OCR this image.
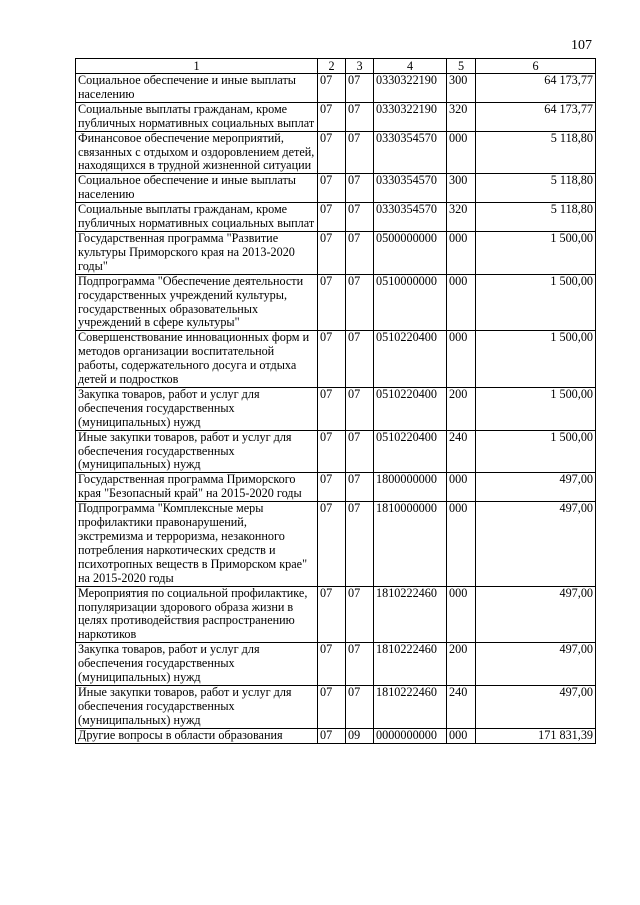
107
1	2	3	4	5	6
Социальное обеспечение и иные выплаты населению	07	07	0330322190	300	64 173,77
Социальные выплаты гражданам, кроме публичных нормативных социальных выплат	07	07	0330322190	320	64 173,77
Финансовое обеспечение мероприятий, связанных с отдыхом и оздоровлением детей, находящихся в трудной жизненной ситуации	07	07	0330354570	000	5 118,80
Социальное обеспечение и иные выплаты населению	07	07	0330354570	300	5 118,80
Социальные выплаты гражданам, кроме публичных нормативных социальных выплат	07	07	0330354570	320	5 118,80
Государственная программа "Развитие культуры Приморского края на 2013-2020 годы"	07	07	0500000000	000	1 500,00
Подпрограмма "Обеспечение деятельности государственных учреждений культуры, государственных образовательных учреждений в сфере культуры"	07	07	0510000000	000	1 500,00
Совершенствование инновационных форм и методов организации воспитательной работы, содержательного досуга и отдыха детей и подростков	07	07	0510220400	000	1 500,00
Закупка товаров, работ и услуг для обеспечения государственных (муниципальных) нужд	07	07	0510220400	200	1 500,00
Иные закупки товаров, работ и услуг для обеспечения государственных (муниципальных) нужд	07	07	0510220400	240	1 500,00
Государственная программа Приморского края "Безопасный край" на 2015-2020 годы	07	07	1800000000	000	497,00
Подпрограмма "Комплексные меры профилактики правонарушений, экстремизма и терроризма, незаконного потребления наркотических средств и психотропных веществ в Приморском крае" на 2015-2020 годы	07	07	1810000000	000	497,00
Мероприятия по социальной профилактике, популяризации здорового образа жизни в целях противодействия распространению наркотиков	07	07	1810222460	000	497,00
Закупка товаров, работ и услуг для обеспечения государственных (муниципальных) нужд	07	07	1810222460	200	497,00
Иные закупки товаров, работ и услуг для обеспечения государственных (муниципальных) нужд	07	07	1810222460	240	497,00
Другие вопросы в области образования	07	09	0000000000	000	171 831,39
